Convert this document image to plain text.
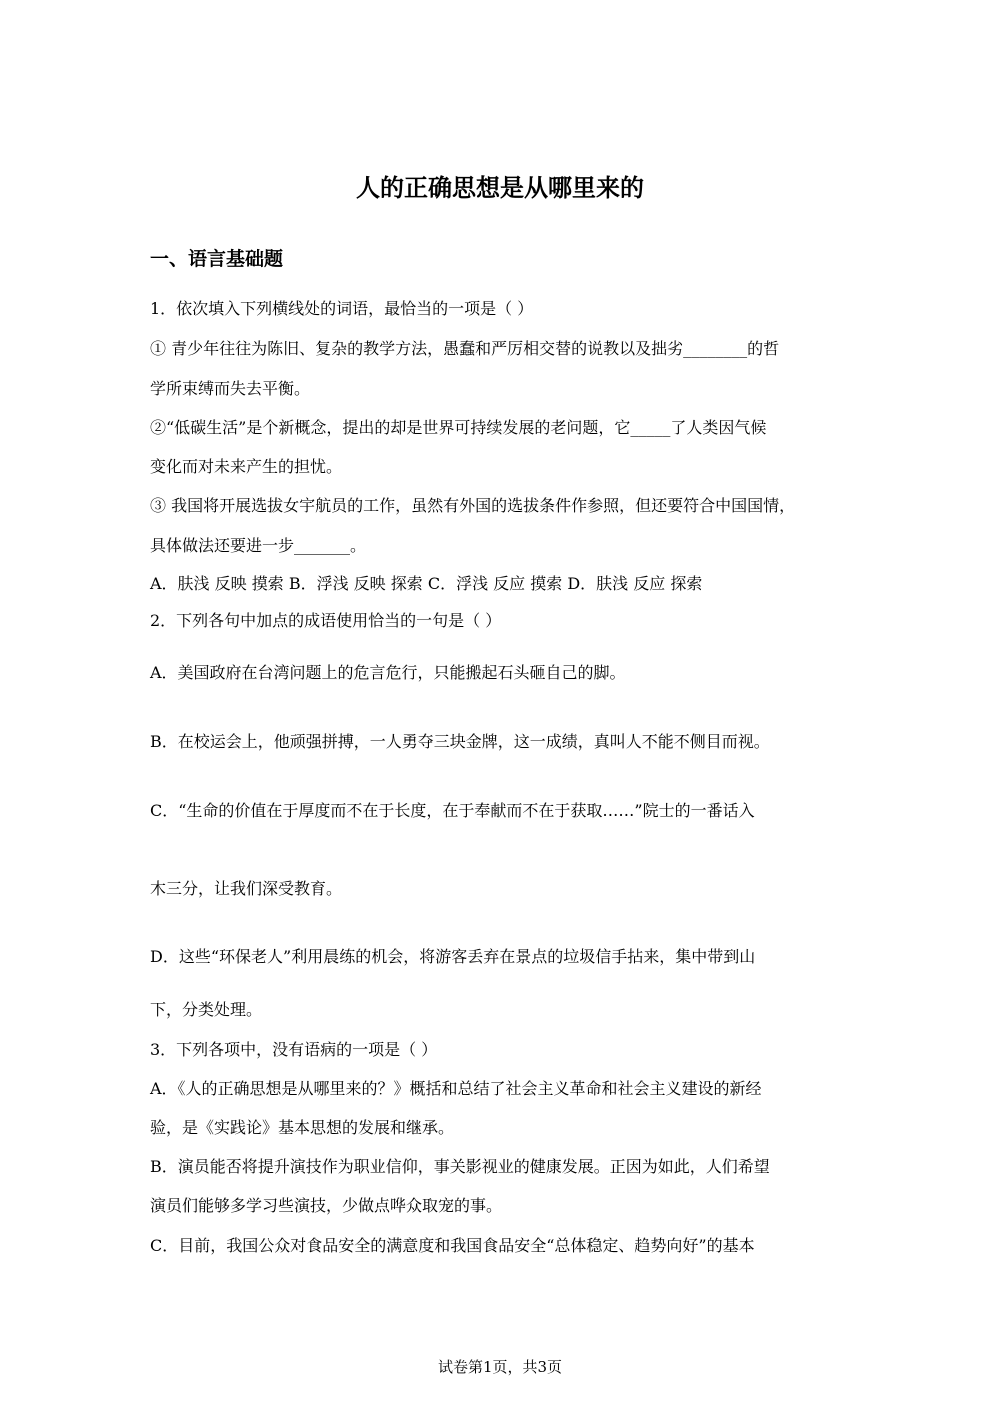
人的正确思想是从哪里来的
一、语言基础题
1．依次填入下列横线处的词语，最恰当的一项是（ ）
① 青少年往往为陈旧、复杂的教学方法，愚蠢和严厉相交替的说教以及拙劣________的哲
学所束缚而失去平衡。
②“低碳生活”是个新概念，提出的却是世界可持续发展的老问题，它_____了人类因气候
变化而对未来产生的担忧。
③ 我国将开展选拔女宇航员的工作，虽然有外国的选拔条件作参照，但还要符合中国国情，
具体做法还要进一步_______。
A．肤浅 反映 摸索 B．浮浅 反映 探索 C．浮浅 反应 摸索 D．肤浅 反应 探索
2．下列各句中加点的成语使用恰当的一句是（ ）
A．美国政府在台湾问题上的危言危行，只能搬起石头砸自己的脚。
B．在校运会上，他顽强拼搏，一人勇夺三块金牌，这一成绩，真叫人不能不侧目而视。
C．“生命的价值在于厚度而不在于长度，在于奉献而不在于获取……”院士的一番话入
木三分，让我们深受教育。
D．这些“环保老人”利用晨练的机会，将游客丢弃在景点的垃圾信手拈来，集中带到山
下，分类处理。
3．下列各项中，没有语病的一项是（ ）
A．《人的正确思想是从哪里来的？》概括和总结了社会主义革命和社会主义建设的新经
验，是《实践论》基本思想的发展和继承。
B．演员能否将提升演技作为职业信仰，事关影视业的健康发展。正因为如此，人们希望
演员们能够多学习些演技，少做点哗众取宠的事。
C．目前，我国公众对食品安全的满意度和我国食品安全“总体稳定、趋势向好”的基本
试卷第1页，共3页
